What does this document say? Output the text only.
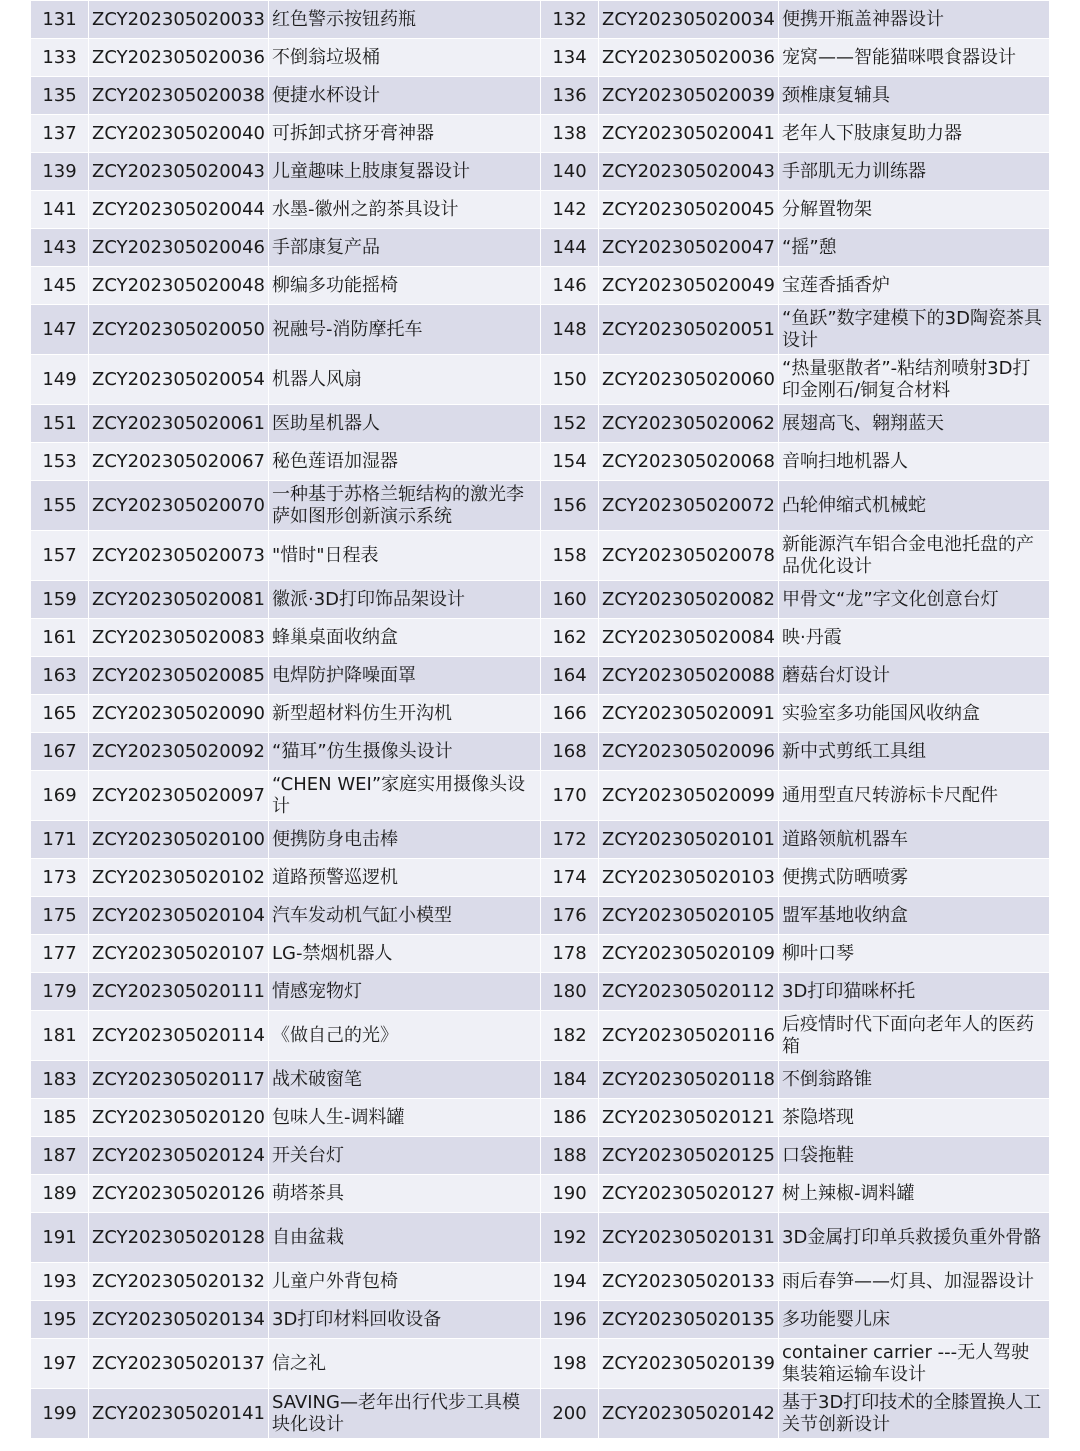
131	ZCY202305020033	红色警示按钮药瓶	132	ZCY202305020034	便携开瓶盖神器设计
133	ZCY202305020036	不倒翁垃圾桶	134	ZCY202305020036	宠窝——智能猫咪喂食器设计
135	ZCY202305020038	便捷水杯设计	136	ZCY202305020039	颈椎康复辅具
137	ZCY202305020040	可拆卸式挤牙膏神器	138	ZCY202305020041	老年人下肢康复助力器
139	ZCY202305020043	儿童趣味上肢康复器设计	140	ZCY202305020043	手部肌无力训练器
141	ZCY202305020044	水墨-徽州之韵茶具设计	142	ZCY202305020045	分解置物架
143	ZCY202305020046	手部康复产品	144	ZCY202305020047	“摇”憩
145	ZCY202305020048	柳编多功能摇椅	146	ZCY202305020049	宝莲香插香炉
147	ZCY202305020050	祝融号-消防摩托车	148	ZCY202305020051	“鱼跃”数字建模下的3D陶瓷茶具设计
149	ZCY202305020054	机器人风扇	150	ZCY202305020060	“热量驱散者”-粘结剂喷射3D打印金刚石/铜复合材料
151	ZCY202305020061	医助星机器人	152	ZCY202305020062	展翅高飞、翱翔蓝天
153	ZCY202305020067	秘色莲语加湿器	154	ZCY202305020068	音响扫地机器人
155	ZCY202305020070	一种基于苏格兰轭结构的激光李萨如图形创新演示系统	156	ZCY202305020072	凸轮伸缩式机械蛇
157	ZCY202305020073	"惜时"日程表	158	ZCY202305020078	新能源汽车铝合金电池托盘的产品优化设计
159	ZCY202305020081	徽派·3D打印饰品架设计	160	ZCY202305020082	甲骨文“龙”字文化创意台灯
161	ZCY202305020083	蜂巢桌面收纳盒	162	ZCY202305020084	映·丹霞
163	ZCY202305020085	电焊防护降噪面罩	164	ZCY202305020088	蘑菇台灯设计
165	ZCY202305020090	新型超材料仿生开沟机	166	ZCY202305020091	实验室多功能国风收纳盒
167	ZCY202305020092	“猫耳”仿生摄像头设计	168	ZCY202305020096	新中式剪纸工具组
169	ZCY202305020097	“CHEN WEI”家庭实用摄像头设计	170	ZCY202305020099	通用型直尺转游标卡尺配件
171	ZCY202305020100	便携防身电击棒	172	ZCY202305020101	道路领航机器车
173	ZCY202305020102	道路预警巡逻机	174	ZCY202305020103	便携式防晒喷雾
175	ZCY202305020104	汽车发动机气缸小模型	176	ZCY202305020105	盟军基地收纳盒
177	ZCY202305020107	LG-禁烟机器人	178	ZCY202305020109	柳叶口琴
179	ZCY202305020111	情感宠物灯	180	ZCY202305020112	3D打印猫咪杯托
181	ZCY202305020114	《做自己的光》	182	ZCY202305020116	后疫情时代下面向老年人的医药箱
183	ZCY202305020117	战术破窗笔	184	ZCY202305020118	不倒翁路锥
185	ZCY202305020120	包味人生-调料罐	186	ZCY202305020121	茶隐塔现
187	ZCY202305020124	开关台灯	188	ZCY202305020125	口袋拖鞋
189	ZCY202305020126	萌塔茶具	190	ZCY202305020127	树上辣椒-调料罐
191	ZCY202305020128	自由盆栽	192	ZCY202305020131	3D金属打印单兵救援负重外骨骼
193	ZCY202305020132	儿童户外背包椅	194	ZCY202305020133	雨后春笋——灯具、加湿器设计
195	ZCY202305020134	3D打印材料回收设备	196	ZCY202305020135	多功能婴儿床
197	ZCY202305020137	信之礼	198	ZCY202305020139	container carrier ---无人驾驶集装箱运输车设计
199	ZCY202305020141	SAVING—老年出行代步工具模块化设计	200	ZCY202305020142	基于3D打印技术的全膝置换人工关节创新设计
